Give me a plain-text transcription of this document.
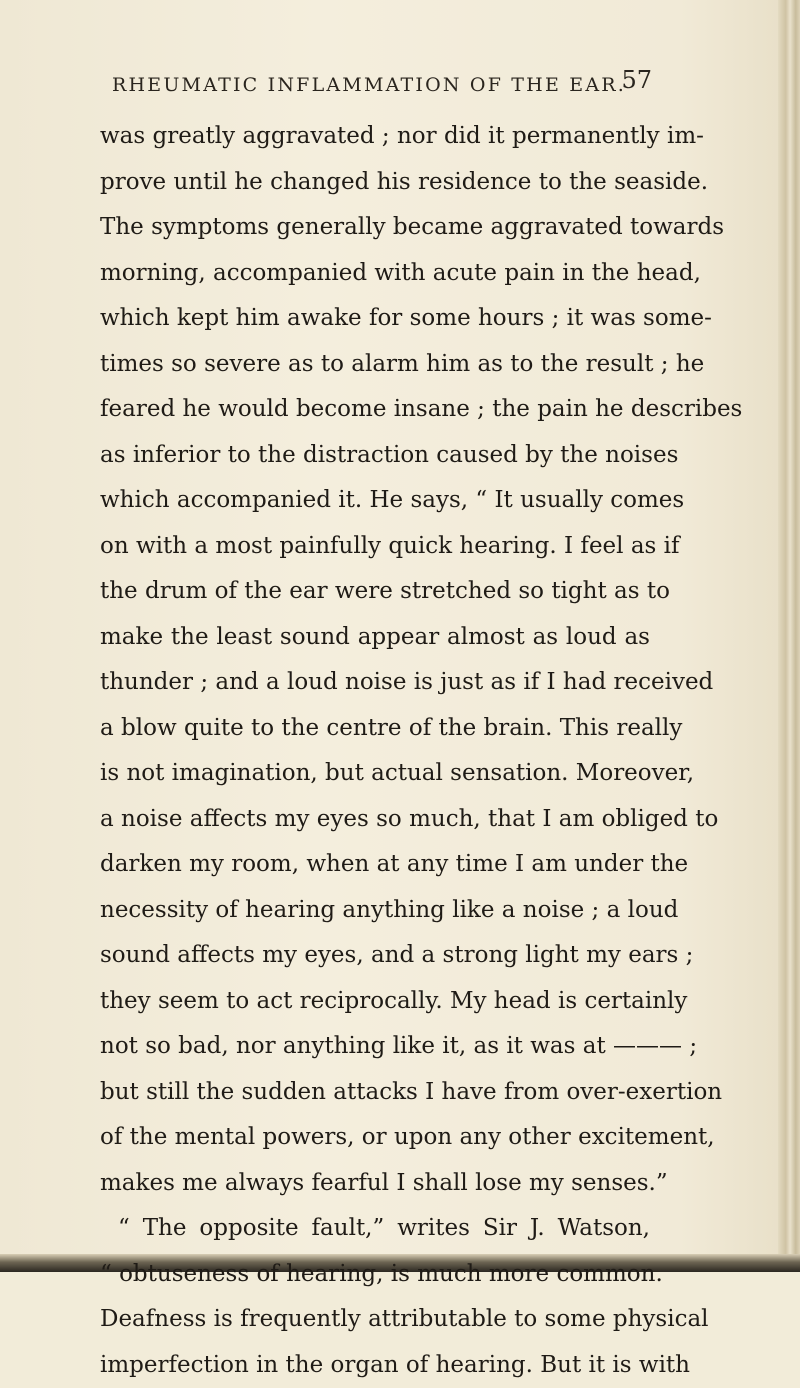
RHEUMATIC INFLAMMATION OF THE EAR.
57
was greatly aggravated ; nor did it permanently im-
prove until he changed his residence to the seaside.
The symptoms generally became aggravated towards
morning, accompanied with acute pain in the head,
which kept him awake for some hours ; it was some-
times so severe as to alarm him as to the result ; he
feared he would become insane ; the pain he describes
as inferior to the distraction caused by the noises
which accompanied it. He says, “ It usually comes
on with a most painfully quick hearing. I feel as if
the drum of the ear were stretched so tight as to
make the least sound appear almost as loud as
thunder ; and a loud noise is just as if I had received
a blow quite to the centre of the brain. This really
is not imagination, but actual sensation. Moreover,
a noise affects my eyes so much, that I am obliged to
darken my room, when at any time I am under the
necessity of hearing anything like a noise ; a loud
sound affects my eyes, and a strong light my ears ;
they seem to act reciprocally. My head is certainly
not so bad, nor anything like it, as it was at ——— ;
but still the sudden attacks I have from over-exertion
of the mental powers, or upon any other excitement,
makes me always fearful I shall lose my senses.”
“ The opposite fault,” writes Sir J. Watson,
“ obtuseness of hearing, is much more common.
Deafness is frequently attributable to some physical
imperfection in the organ of hearing. But it is with
